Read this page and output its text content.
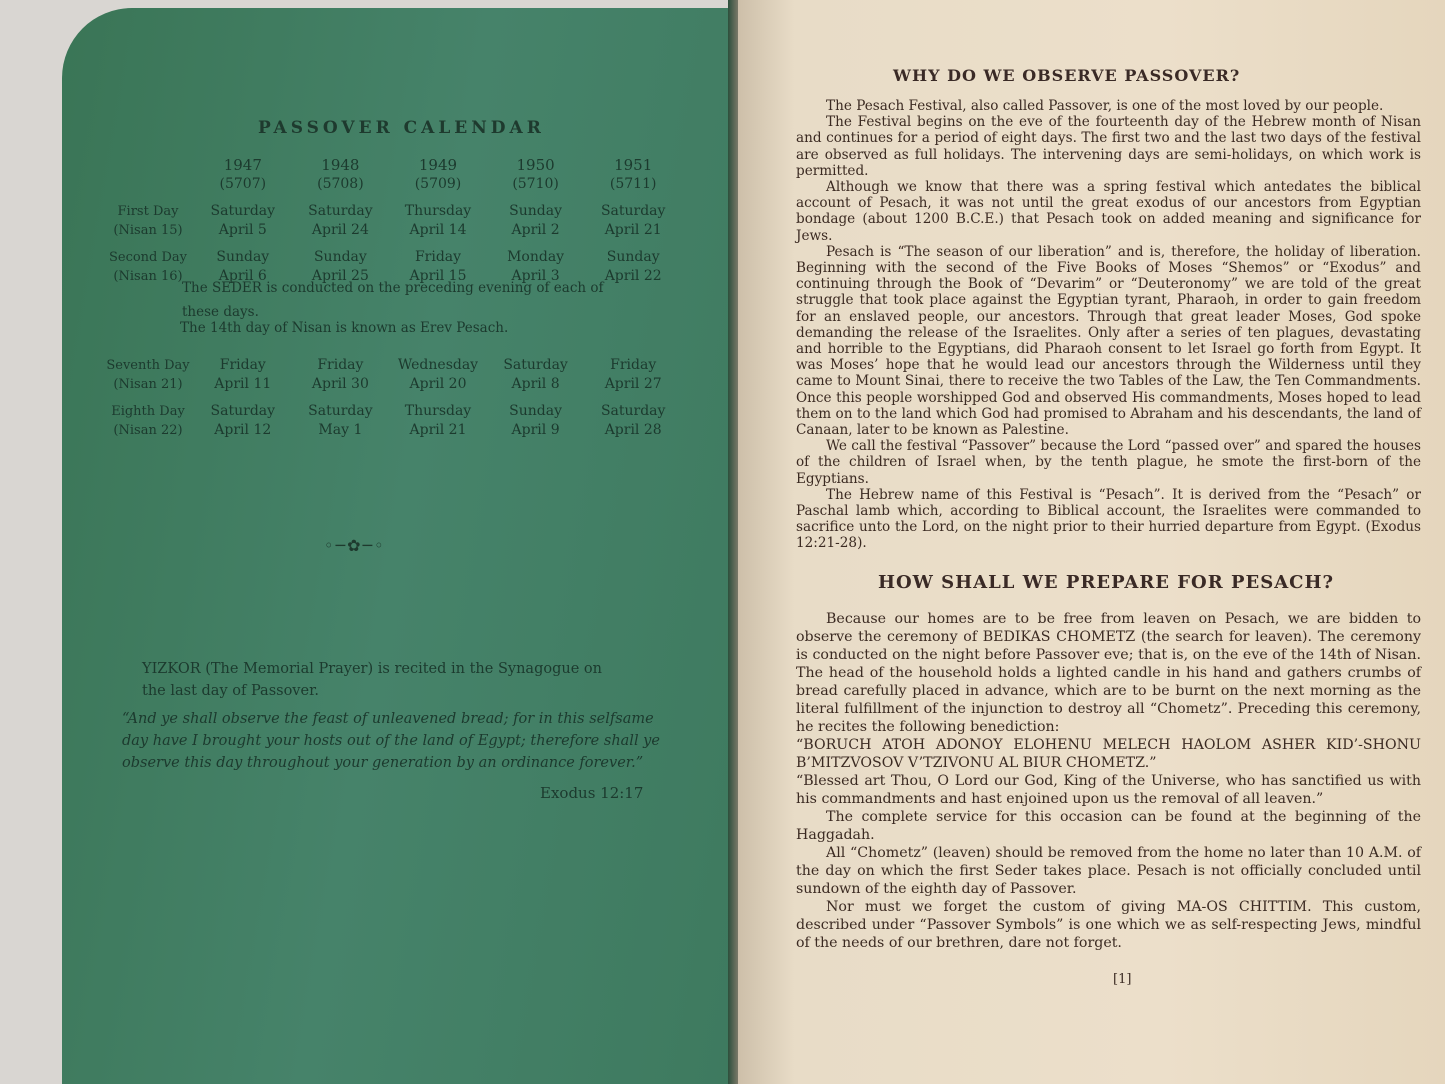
PASSOVER CALENDAR
1947
(5707)
1948
(5708)
1949
(5709)
1950
(5710)
1951
(5711)
First Day
(Nisan 15)
Saturday
April 5
Saturday
April 24
Thursday
April 14
Sunday
April 2
Saturday
April 21
Second Day
(Nisan 16)
Sunday
April 6
Sunday
April 25
Friday
April 15
Monday
April 3
Sunday
April 22
Seventh Day
(Nisan 21)
Friday
April 11
Friday
April 30
Wednesday
April 20
Saturday
April 8
Friday
April 27
Eighth Day
(Nisan 22)
Saturday
April 12
Saturday
May 1
Thursday
April 21
Sunday
April 9
Saturday
April 28
The SEDER is conducted on the preceding evening of each of these days.
The 14th day of Nisan is known as Erev Pesach.
◦─✿─◦
YIZKOR (The Memorial Prayer) is recited in the Synagogue on the last day of Passover.
“And ye shall observe the feast of unleavened bread; for in this selfsame day have I brought your hosts out of the land of Egypt; therefore shall ye observe this day throughout your generation by an ordinance forever.”
Exodus 12:17
WHY DO WE OBSERVE PASSOVER?

The Pesach Festival, also called Passover, is one of the most loved by our people.

The Festival begins on the eve of the fourteenth day of the Hebrew month of Nisan and continues for a period of eight days. The first two and the last two days of the festival are observed as full holidays. The intervening days are semi-holidays, on which work is permitted.

Although we know that there was a spring festival which antedates the biblical account of Pesach, it was not until the great exodus of our ancestors from Egyptian bondage (about 1200 B.C.E.) that Pesach took on added meaning and significance for Jews.

Pesach is “The season of our liberation” and is, therefore, the holiday of liberation. Beginning with the second of the Five Books of Moses “Shemos” or “Exodus” and continuing through the Book of “Devarim” or “Deuteronomy” we are told of the great struggle that took place against the Egyptian tyrant, Pharaoh, in order to gain freedom for an enslaved people, our ancestors. Through that great leader Moses, God spoke demanding the release of the Israelites. Only after a series of ten plagues, devastating and horrible to the Egyptians, did Pharaoh consent to let Israel go forth from Egypt. It was Moses’ hope that he would lead our ancestors through the Wilderness until they came to Mount Sinai, there to receive the two Tables of the Law, the Ten Commandments. Once this people worshipped God and observed His commandments, Moses hoped to lead them on to the land which God had promised to Abraham and his descendants, the land of Canaan, later to be known as Palestine.

We call the festival “Passover” because the Lord “passed over” and spared the houses of the children of Israel when, by the tenth plague, he smote the first-born of the Egyptians.

The Hebrew name of this Festival is “Pesach”. It is derived from the “Pesach” or Paschal lamb which, according to Biblical account, the Israelites were commanded to sacrifice unto the Lord, on the night prior to their hurried departure from Egypt. (Exodus 12:21-28).

HOW SHALL WE PREPARE FOR PESACH?

Because our homes are to be free from leaven on Pesach, we are bidden to observe the ceremony of BEDIKAS CHOMETZ (the search for leaven). The ceremony is conducted on the night before Passover eve; that is, on the eve of the 14th of Nisan. The head of the household holds a lighted candle in his hand and gathers crumbs of bread carefully placed in advance, which are to be burnt on the next morning as the literal fulfillment of the injunction to destroy all “Chometz”. Preceding this ceremony, he recites the following benediction:

“BORUCH ATOH ADONOY ELOHENU MELECH HAOLOM ASHER KID’-SHONU B’MITZVOSOV V’TZIVONU AL BIUR CHOMETZ.”

“Blessed art Thou, O Lord our God, King of the Universe, who has sanctified us with his commandments and hast enjoined upon us the removal of all leaven.”

The complete service for this occasion can be found at the beginning of the Haggadah.

All “Chometz” (leaven) should be removed from the home no later than 10 A.M. of the day on which the first Seder takes place. Pesach is not officially concluded until sundown of the eighth day of Passover.

Nor must we forget the custom of giving MA-OS CHITTIM. This custom, described under “Passover Symbols” is one which we as self-respecting Jews, mindful of the needs of our brethren, dare not forget.

[1]
